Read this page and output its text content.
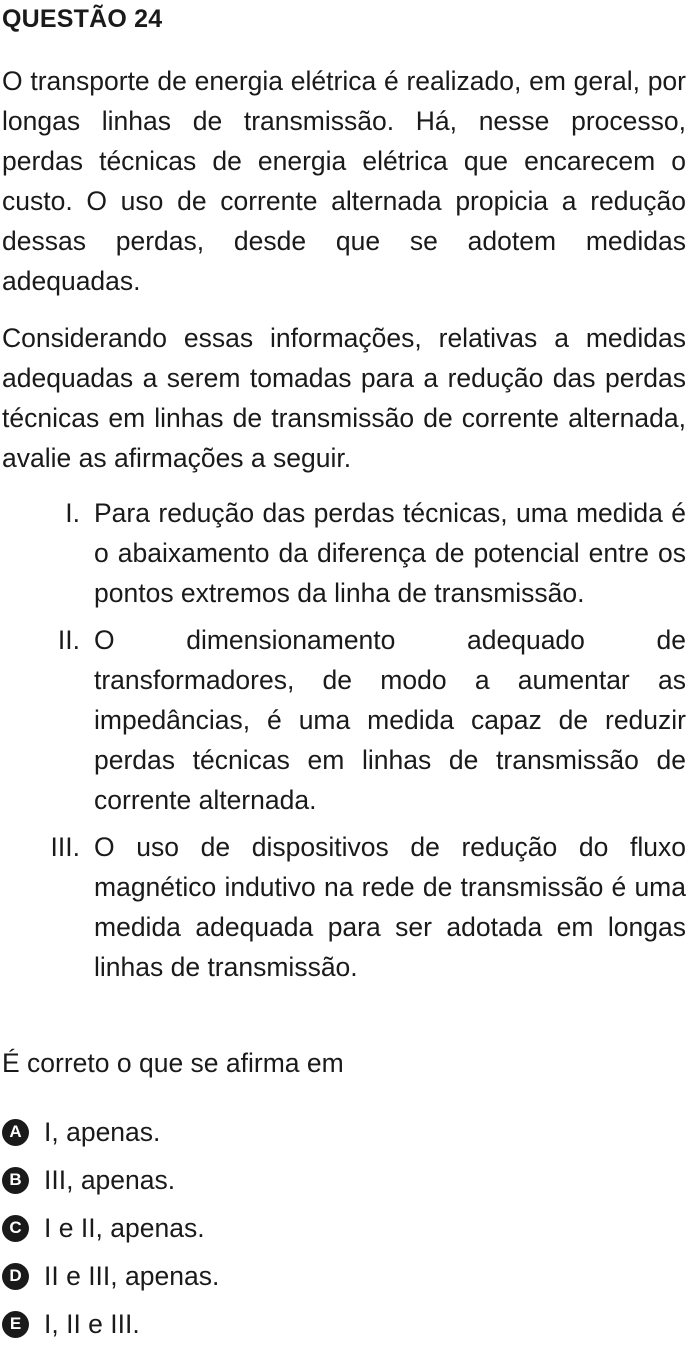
QUESTÃO 24

O transporte de energia elétrica é realizado, em geral, por longas linhas de transmissão. Há, nesse processo, perdas técnicas de energia elétrica que encarecem o custo. O uso de corrente alternada propicia a redução dessas perdas, desde que se adotem medidas adequadas.

Considerando essas informações, relativas a medidas adequadas a serem tomadas para a redução das perdas técnicas em linhas de transmissão de corrente alternada, avalie as afirmações a seguir.

I. Para redução das perdas técnicas, uma medida é o abaixamento da diferença de potencial entre os pontos extremos da linha de transmissão.
II. O dimensionamento adequado de transformadores, de modo a aumentar as impedâncias, é uma medida capaz de reduzir perdas técnicas em linhas de transmissão de corrente alternada.
III. O uso de dispositivos de redução do fluxo magnético indutivo na rede de transmissão é uma medida adequada para ser adotada em longas linhas de transmissão.

É correto o que se afirma em

A I, apenas.
B III, apenas.
C I e II, apenas.
D II e III, apenas.
E I, II e III.
